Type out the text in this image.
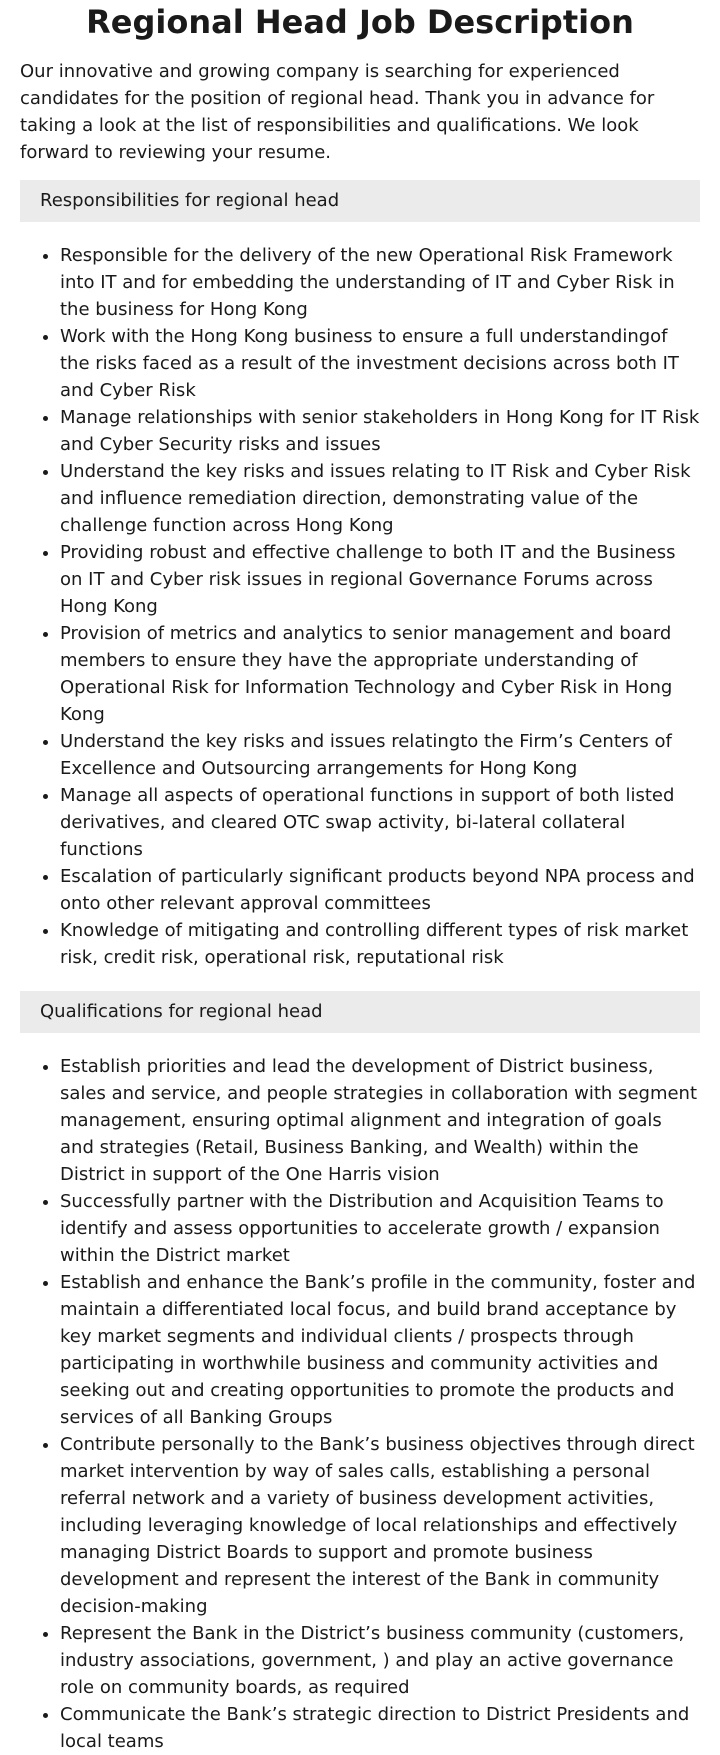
Regional Head Job Description

Our innovative and growing company is searching for experienced candidates for the position of regional head. Thank you in advance for taking a look at the list of responsibilities and qualifications. We look forward to reviewing your resume.

Responsibilities for regional head
• Responsible for the delivery of the new Operational Risk Framework into IT and for embedding the understanding of IT and Cyber Risk in the business for Hong Kong
• Work with the Hong Kong business to ensure a full understandingof the risks faced as a result of the investment decisions across both IT and Cyber Risk
• Manage relationships with senior stakeholders in Hong Kong for IT Risk and Cyber Security risks and issues
• Understand the key risks and issues relating to IT Risk and Cyber Risk and influence remediation direction, demonstrating value of the challenge function across Hong Kong
• Providing robust and effective challenge to both IT and the Business on IT and Cyber risk issues in regional Governance Forums across Hong Kong
• Provision of metrics and analytics to senior management and board members to ensure they have the appropriate understanding of Operational Risk for Information Technology and Cyber Risk in Hong Kong
• Understand the key risks and issues relatingto the Firm’s Centers of Excellence and Outsourcing arrangements for Hong Kong
• Manage all aspects of operational functions in support of both listed derivatives, and cleared OTC swap activity, bi-lateral collateral functions
• Escalation of particularly significant products beyond NPA process and onto other relevant approval committees
• Knowledge of mitigating and controlling different types of risk market risk, credit risk, operational risk, reputational risk
Qualifications for regional head
• Establish priorities and lead the development of District business, sales and service, and people strategies in collaboration with segment management, ensuring optimal alignment and integration of goals and strategies (Retail, Business Banking, and Wealth) within the District in support of the One Harris vision
• Successfully partner with the Distribution and Acquisition Teams to identify and assess opportunities to accelerate growth / expansion within the District market
• Establish and enhance the Bank’s profile in the community, foster and maintain a differentiated local focus, and build brand acceptance by key market segments and individual clients / prospects through participating in worthwhile business and community activities and seeking out and creating opportunities to promote the products and services of all Banking Groups
• Contribute personally to the Bank’s business objectives through direct market intervention by way of sales calls, establishing a personal referral network and a variety of business development activities, including leveraging knowledge of local relationships and effectively managing District Boards to support and promote business development and represent the interest of the Bank in community decision-making
• Represent the Bank in the District’s business community (customers, industry associations, government, ) and play an active governance role on community boards, as required
• Communicate the Bank’s strategic direction to District Presidents and local teams
